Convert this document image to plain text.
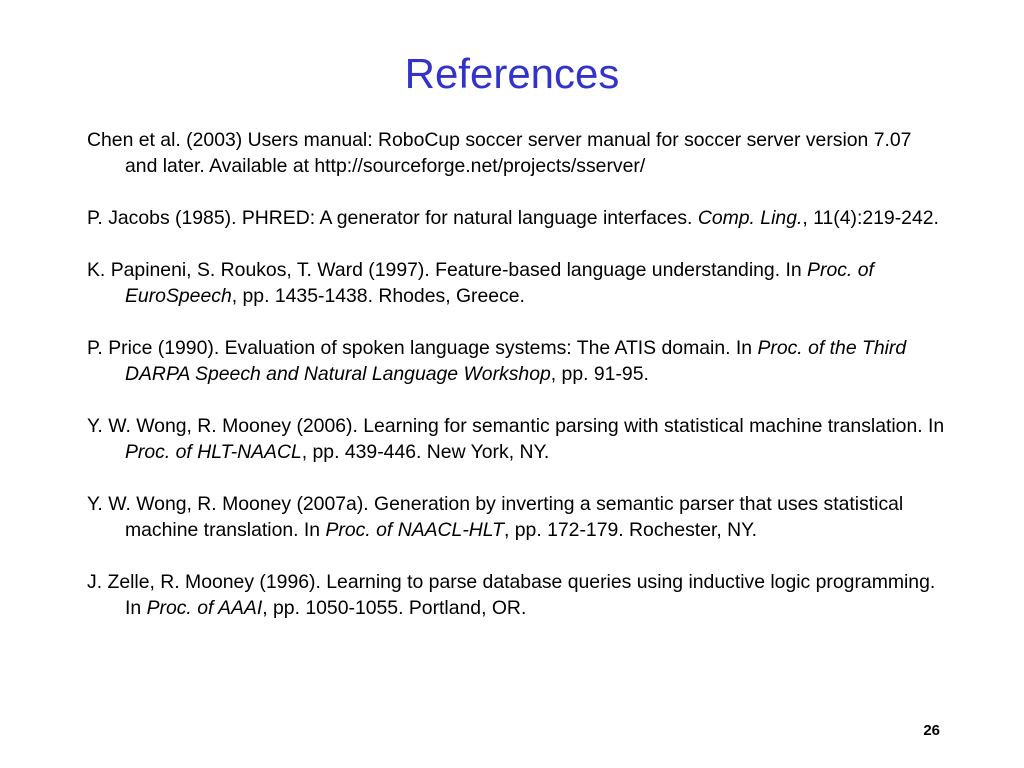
References

Chen et al. (2003) Users manual: RoboCup soccer server manual for soccer server version 7.07 and later. Available at http://sourceforge.net/projects/sserver/

P. Jacobs (1985). PHRED: A generator for natural language interfaces. Comp. Ling., 11(4):219-242.

K. Papineni, S. Roukos, T. Ward (1997). Feature-based language understanding. In Proc. of EuroSpeech, pp. 1435-1438. Rhodes, Greece.

P. Price (1990). Evaluation of spoken language systems: The ATIS domain. In Proc. of the Third DARPA Speech and Natural Language Workshop, pp. 91-95.

Y. W. Wong, R. Mooney (2006). Learning for semantic parsing with statistical machine translation. In Proc. of HLT-NAACL, pp. 439-446. New York, NY.

Y. W. Wong, R. Mooney (2007a). Generation by inverting a semantic parser that uses statistical machine translation. In Proc. of NAACL-HLT, pp. 172-179. Rochester, NY.

J. Zelle, R. Mooney (1996). Learning to parse database queries using inductive logic programming. In Proc. of AAAI, pp. 1050-1055. Portland, OR.

26
